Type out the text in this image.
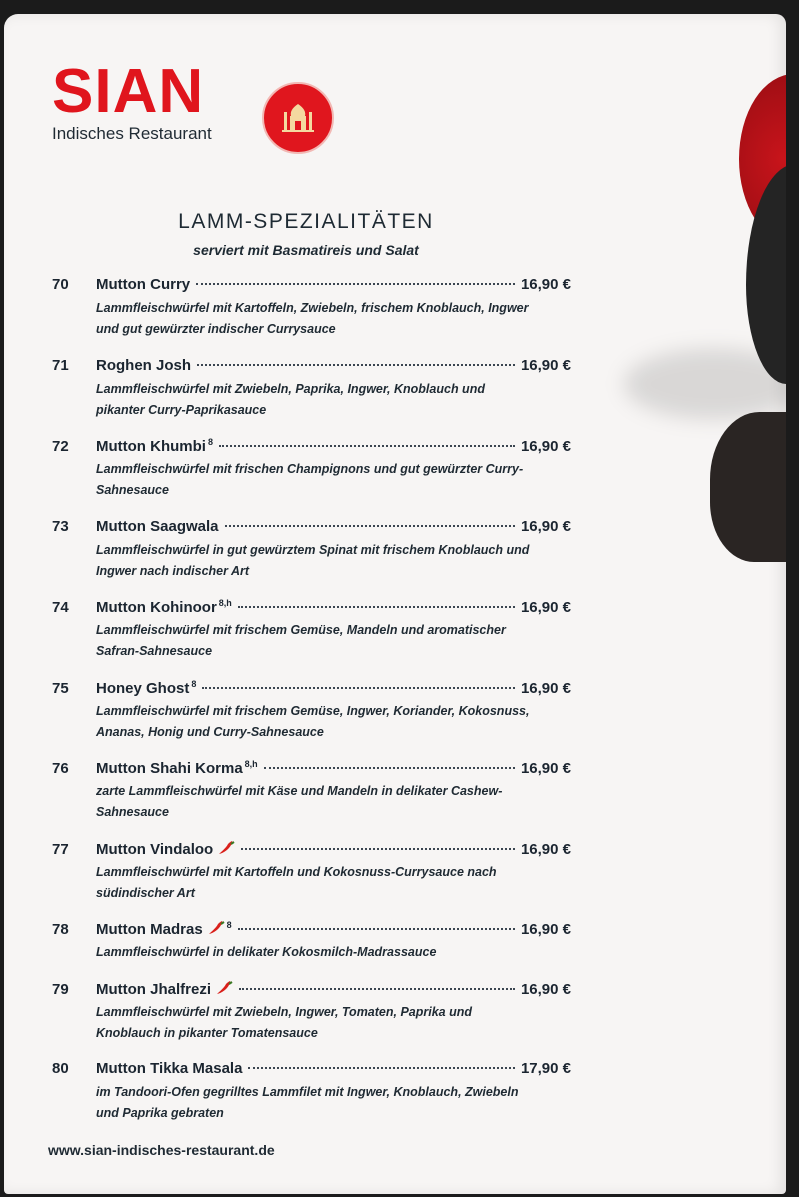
SIAN
Indisches Restaurant
LAMM-SPEZIALITÄTEN
serviert mit Basmatireis und Salat
70	Mutton Curry	16,90 €
Lammfleischwürfel mit Kartoffeln, Zwiebeln, frischem Knoblauch, Ingwer und gut gewürzter indischer Currysauce
71	Roghen Josh	16,90 €
Lammfleischwürfel mit Zwiebeln, Paprika, Ingwer, Knoblauch und pikanter Curry-Paprikasauce
72	Mutton Khumbi $^8$	16,90 €
Lammfleischwürfel mit frischen Champignons und gut gewürzter Curry-Sahnesauce
73	Mutton Saagwala	16,90 €
Lammfleischwürfel in gut gewürztem Spinat mit frischem Knoblauch und Ingwer nach indischer Art
74	Mutton Kohinoor $^{8,h}$	16,90 €
Lammfleischwürfel mit frischem Gemüse, Mandeln und aromatischer Safran-Sahnesauce
75	Honey Ghost $^8$	16,90 €
Lammfleischwürfel mit frischem Gemüse, Ingwer, Koriander, Kokosnuss, Ananas, Honig und Curry-Sahnesauce
76	Mutton Shahi Korma $^{8,h}$	16,90 €
zarte Lammfleischwürfel mit Käse und Mandeln in delikater Cashew-Sahnesauce
77	Mutton Vindaloo	16,90 €
Lammfleischwürfel mit Kartoffeln und Kokosnuss-Currysauce nach südindischer Art
78	Mutton Madras	$^8$	16,90 €
Lammfleischwürfel in delikater Kokosmilch-Madrassauce
79	Mutton Jhalfrezi	16,90 €
Lammfleischwürfel mit Zwiebeln, Ingwer, Tomaten, Paprika und Knoblauch in pikanter Tomatensauce
80	Mutton Tikka Masala	17,90 €
im Tandoori-Ofen gegrilltes Lammfilet mit Ingwer, Knoblauch, Zwiebeln und Paprika gebraten
www.sian-indisches-restaurant.de
